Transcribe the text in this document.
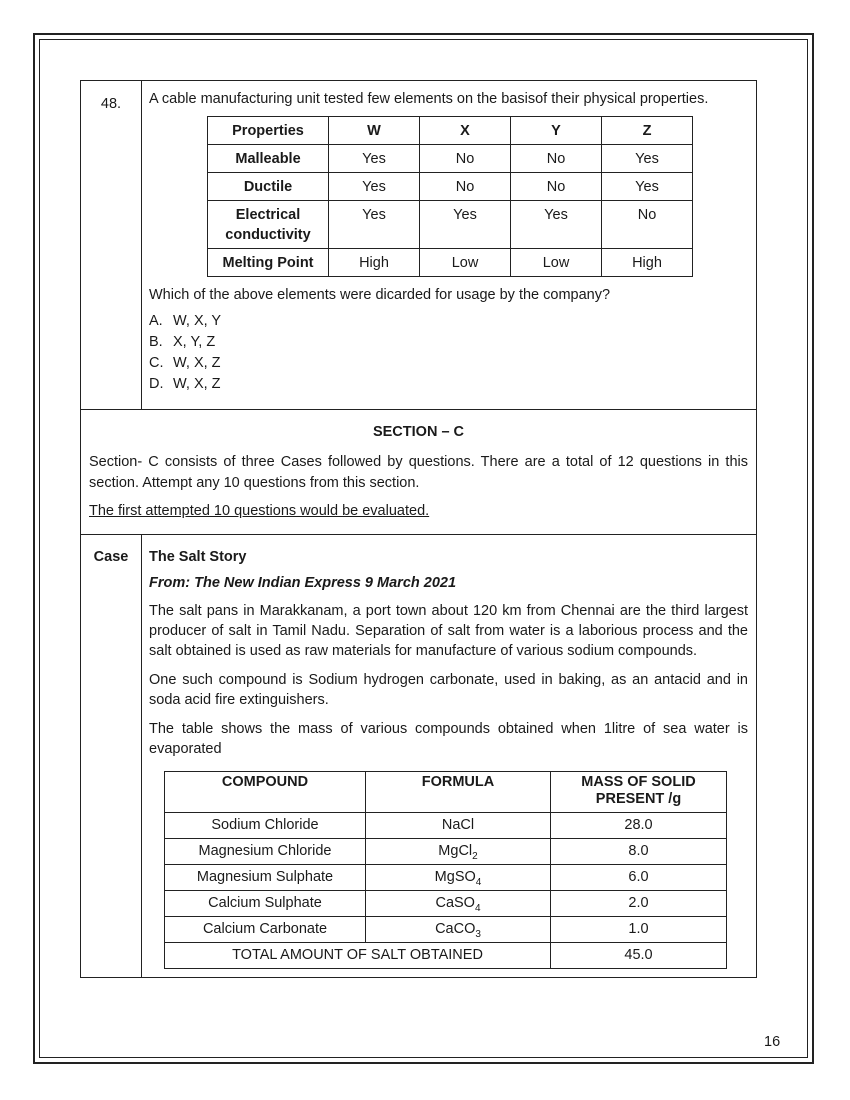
48.	A cable manufacturing unit tested few elements on the basisof their physical properties.

Properties	W	X	Y	Z
Malleable	Yes	No	No	Yes
Ductile	Yes	No	No	Yes
Electrical
conductivity	Yes	Yes	Yes	No
Melting Point	High	Low	Low	High

Which of the above elements were dicarded for usage by the company?

A. W, X, Y
B. X, Y, Z
C. W, X, Z
D. W, X, Z

SECTION – C

Section- C consists of three Cases followed by questions. There are a total of 12 questions in this section. Attempt any 10 questions from this section.

The first attempted 10 questions would be evaluated.

Case	The Salt Story

From: The New Indian Express 9 March 2021

The salt pans in Marakkanam, a port town about 120 km from Chennai are the third largest producer of salt in Tamil Nadu. Separation of salt from water is a laborious process and the salt obtained is used as raw materials for manufacture of various sodium compounds.

One such compound is Sodium hydrogen carbonate, used in baking, as an antacid and in soda acid fire extinguishers.

The table shows the mass of various compounds obtained when 1litre of sea water is evaporated

COMPOUND	FORMULA	MASS OF SOLID
PRESENT /g
Sodium Chloride	NaCl	28.0
Magnesium Chloride	MgCl$_2$	8.0
Magnesium Sulphate	MgSO$_4$	6.0
Calcium Sulphate	CaSO$_4$	2.0
Calcium Carbonate	CaCO$_3$	1.0
TOTAL AMOUNT OF SALT OBTAINED	45.0
16
